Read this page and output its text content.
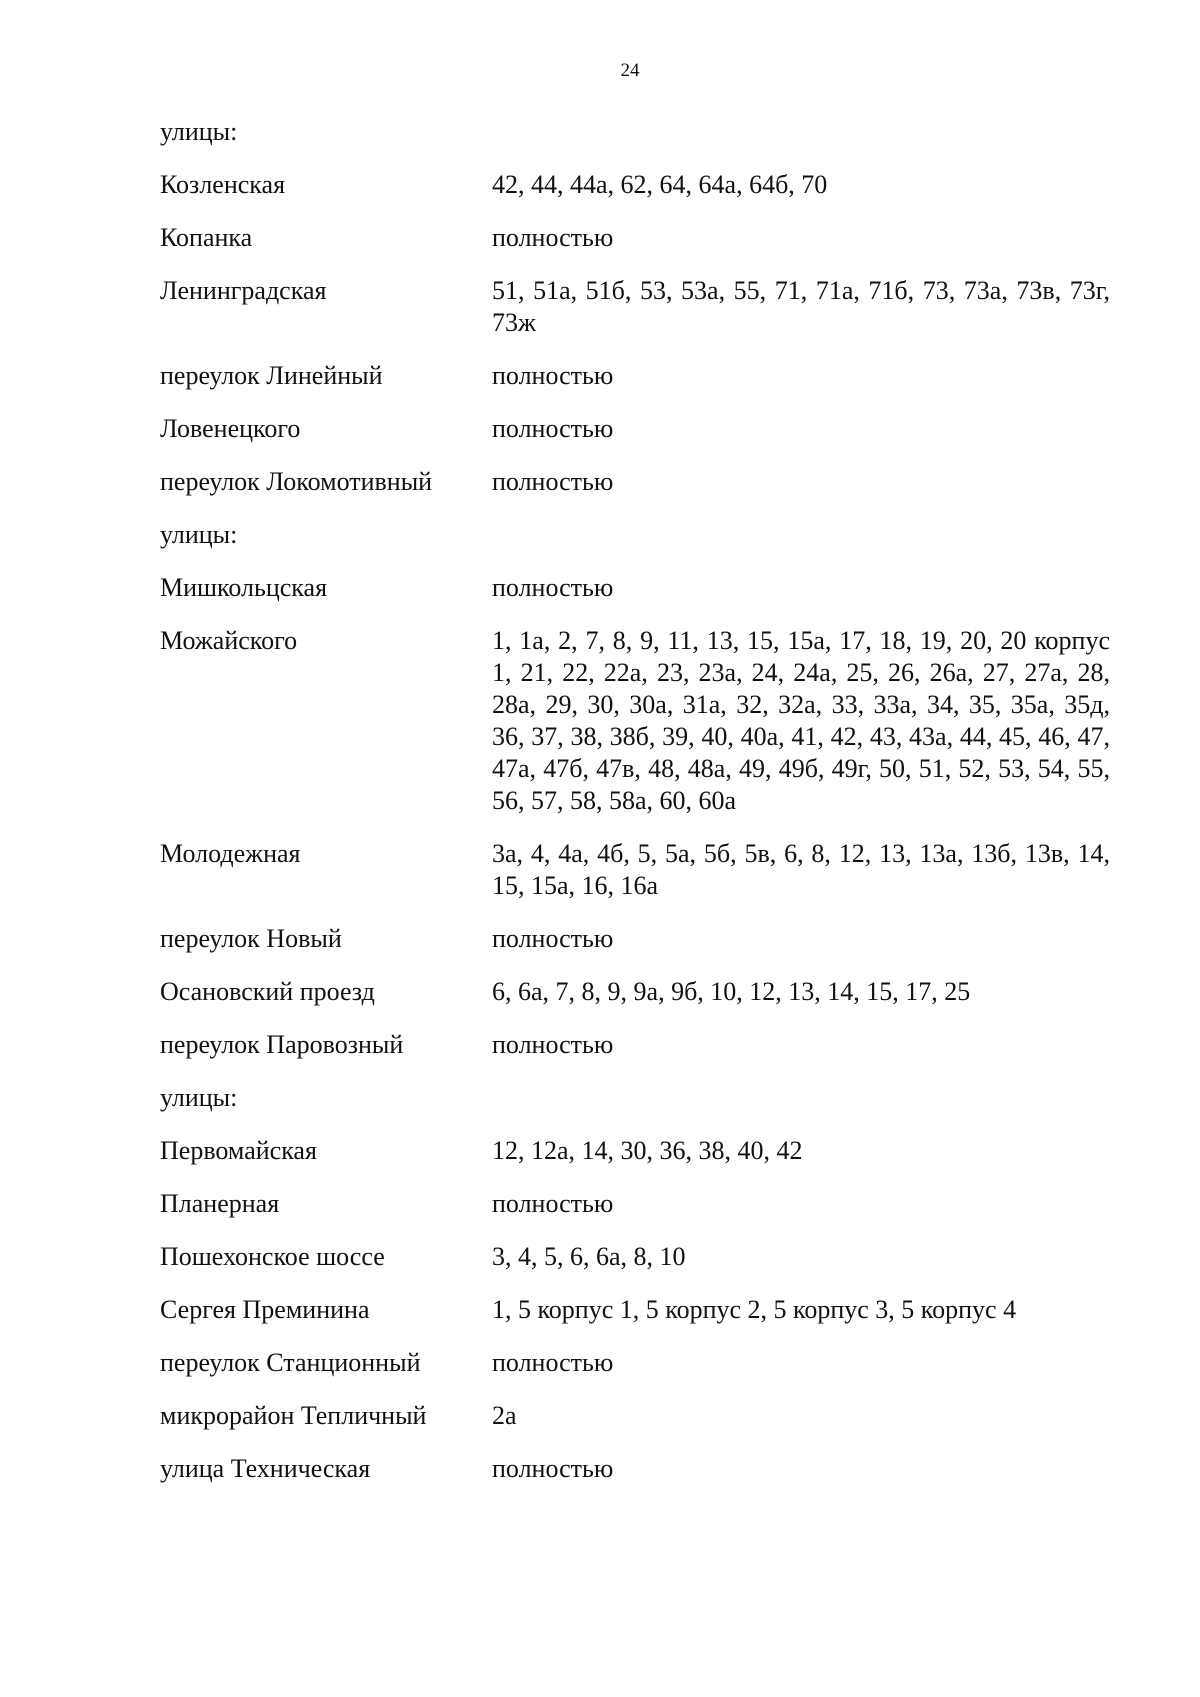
24
улицы:
Козленская	42, 44, 44а, 62, 64, 64а, 64б, 70
Копанка	полностью
Ленинградская	51, 51а, 51б, 53, 53а, 55, 71, 71а, 71б, 73, 73а, 73в, 73г, 73ж
переулок Линейный	полностью
Ловенецкого	полностью
переулок Локомотивный	полностью
улицы:
Мишкольцская	полностью
Можайского	1, 1а, 2, 7, 8, 9, 11, 13, 15, 15а, 17, 18, 19, 20, 20 корпус 1, 21, 22, 22а, 23, 23а, 24, 24а, 25, 26, 26а, 27, 27а, 28, 28а, 29, 30, 30а, 31а, 32, 32а, 33, 33а, 34, 35, 35а, 35д, 36, 37, 38, 38б, 39, 40, 40а, 41, 42, 43, 43а, 44, 45, 46, 47, 47а, 47б, 47в, 48, 48а, 49, 49б, 49г, 50, 51, 52, 53, 54, 55, 56, 57, 58, 58а, 60, 60а
Молодежная	3а, 4, 4а, 4б, 5, 5а, 5б, 5в, 6, 8, 12, 13, 13а, 13б, 13в, 14, 15, 15а, 16, 16а
переулок Новый	полностью
Осановский проезд	6, 6а, 7, 8, 9, 9а, 9б, 10, 12, 13, 14, 15, 17, 25
переулок Паровозный	полностью
улицы:
Первомайская	12, 12а, 14, 30, 36, 38, 40, 42
Планерная	полностью
Пошехонское шоссе	3, 4, 5, 6, 6а, 8, 10
Сергея Преминина	1, 5 корпус 1, 5 корпус 2, 5 корпус 3, 5 корпус 4
переулок Станционный	полностью
микрорайон Тепличный	2а
улица Техническая	полностью
